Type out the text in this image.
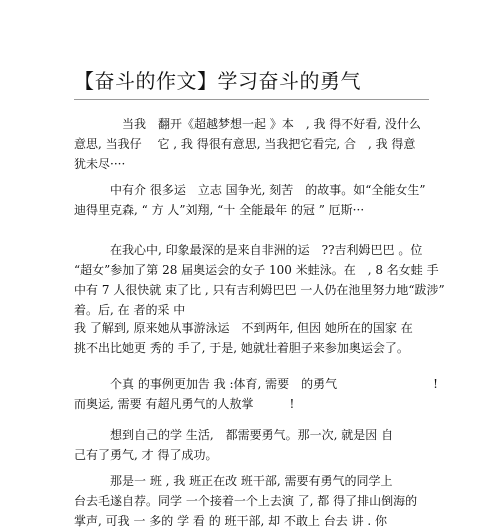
【奋斗的作文】学习奋斗的勇气
　　　　当我　翻开《超越梦想一起 》本　, 我 得不好看, 没什么
意思, 当我仔　 它 , 我 得很有意思, 当我把它看完, 合　, 我 得意
犹未尽····
　　　中有介 很多运　立志 国争光, 刻苦　的故事。如“全能女生”
迪得里克森, “ 方 人”刘翔, “十 全能最年 的冠 ” 厄斯···
　　　在我心中, 印象最深的是来自非洲的运　??吉利姆巴巴 。位
“超女”参加了第 28 届奥运会的女子 100 米蛙泳。在　, 8 名女蛙 手
中有 7 人很快就 束了比 , 只有吉利姆巴巴 一人仍在池里努力地“跋涉”
着。后, 在 者的采 中
我 了解到, 原来她从事游泳运　不到两年, 但因 她所在的国家 在
挑不出比她更 秀的 手了, 于是, 她就壮着胆子来参加奥运会了。
　　　个真 的事例更加告 我 :体育, 需要　的勇气　　　　　　　　!
而奥运, 需要 有超凡勇气的人敖掌　　　!
　　　想到自己的学 生活,　都需要勇气。那一次, 就是因 自
己有了勇气, 才 得了成功。
　　　那是一 班 , 我 班正在改 班干部, 需要有勇气的同学上
台去毛遂自荐。同学 一个接着一个上去演 了, 都 得了排山倒海的
掌声, 可我 一 多的 学 看 的 班干部, 却 不敢上 台去 讲 . 你
